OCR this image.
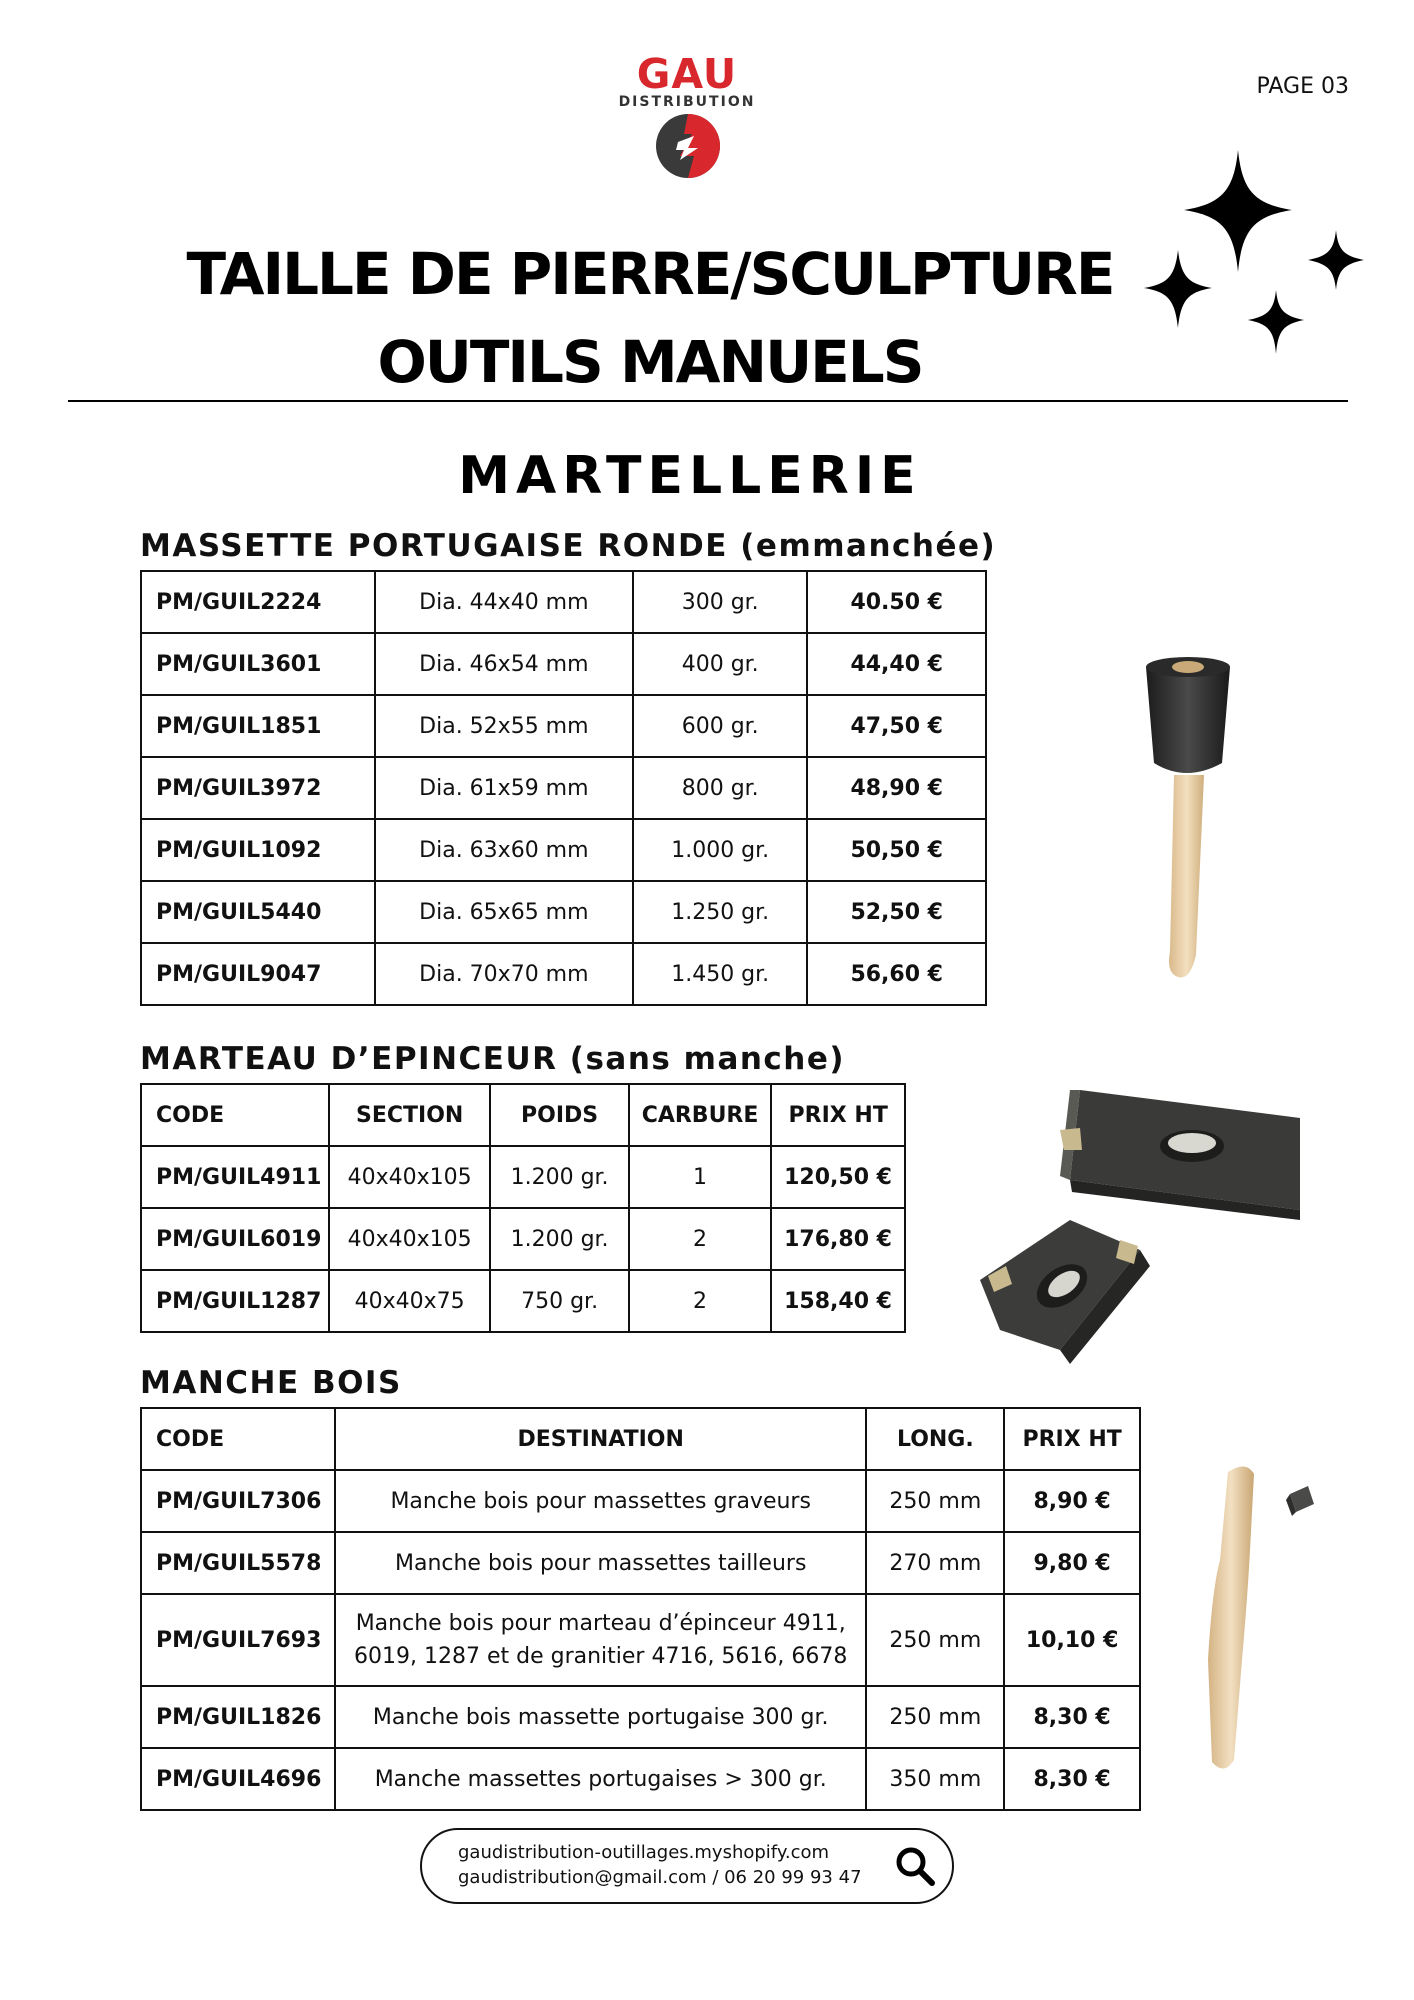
GAU
DISTRIBUTION
PAGE 03
TAILLE DE PIERRE/SCULPTURE
OUTILS MANUELS
MARTELLERIE
MASSETTE PORTUGAISE RONDE (emmanchée)
PM/GUIL2224	Dia. 44x40 mm	300 gr.	40.50 €
PM/GUIL3601	Dia. 46x54 mm	400 gr.	44,40 €
PM/GUIL1851	Dia. 52x55 mm	600 gr.	47,50 €
PM/GUIL3972	Dia. 61x59 mm	800 gr.	48,90 €
PM/GUIL1092	Dia. 63x60 mm	1.000 gr.	50,50 €
PM/GUIL5440	Dia. 65x65 mm	1.250 gr.	52,50 €
PM/GUIL9047	Dia. 70x70 mm	1.450 gr.	56,60 €
MARTEAU D’EPINCEUR (sans manche)
CODE	SECTION	POIDS	CARBURE	PRIX HT
PM/GUIL4911	40x40x105	1.200 gr.	1	120,50 €
PM/GUIL6019	40x40x105	1.200 gr.	2	176,80 €
PM/GUIL1287	40x40x75	750 gr.	2	158,40 €
MANCHE BOIS
CODE	DESTINATION	LONG.	PRIX HT
PM/GUIL7306	Manche bois pour massettes graveurs	250 mm	8,90 €
PM/GUIL5578	Manche bois pour massettes tailleurs	270 mm	9,80 €
PM/GUIL7693	Manche bois pour marteau d’épinceur 4911,
6019, 1287 et de granitier 4716, 5616, 6678	250 mm	10,10 €
PM/GUIL1826	Manche bois massette portugaise 300 gr.	250 mm	8,30 €
PM/GUIL4696	Manche massettes portugaises > 300 gr.	350 mm	8,30 €
gaudistribution-outillages.myshopify.com
gaudistribution@gmail.com / 06 20 99 93 47
